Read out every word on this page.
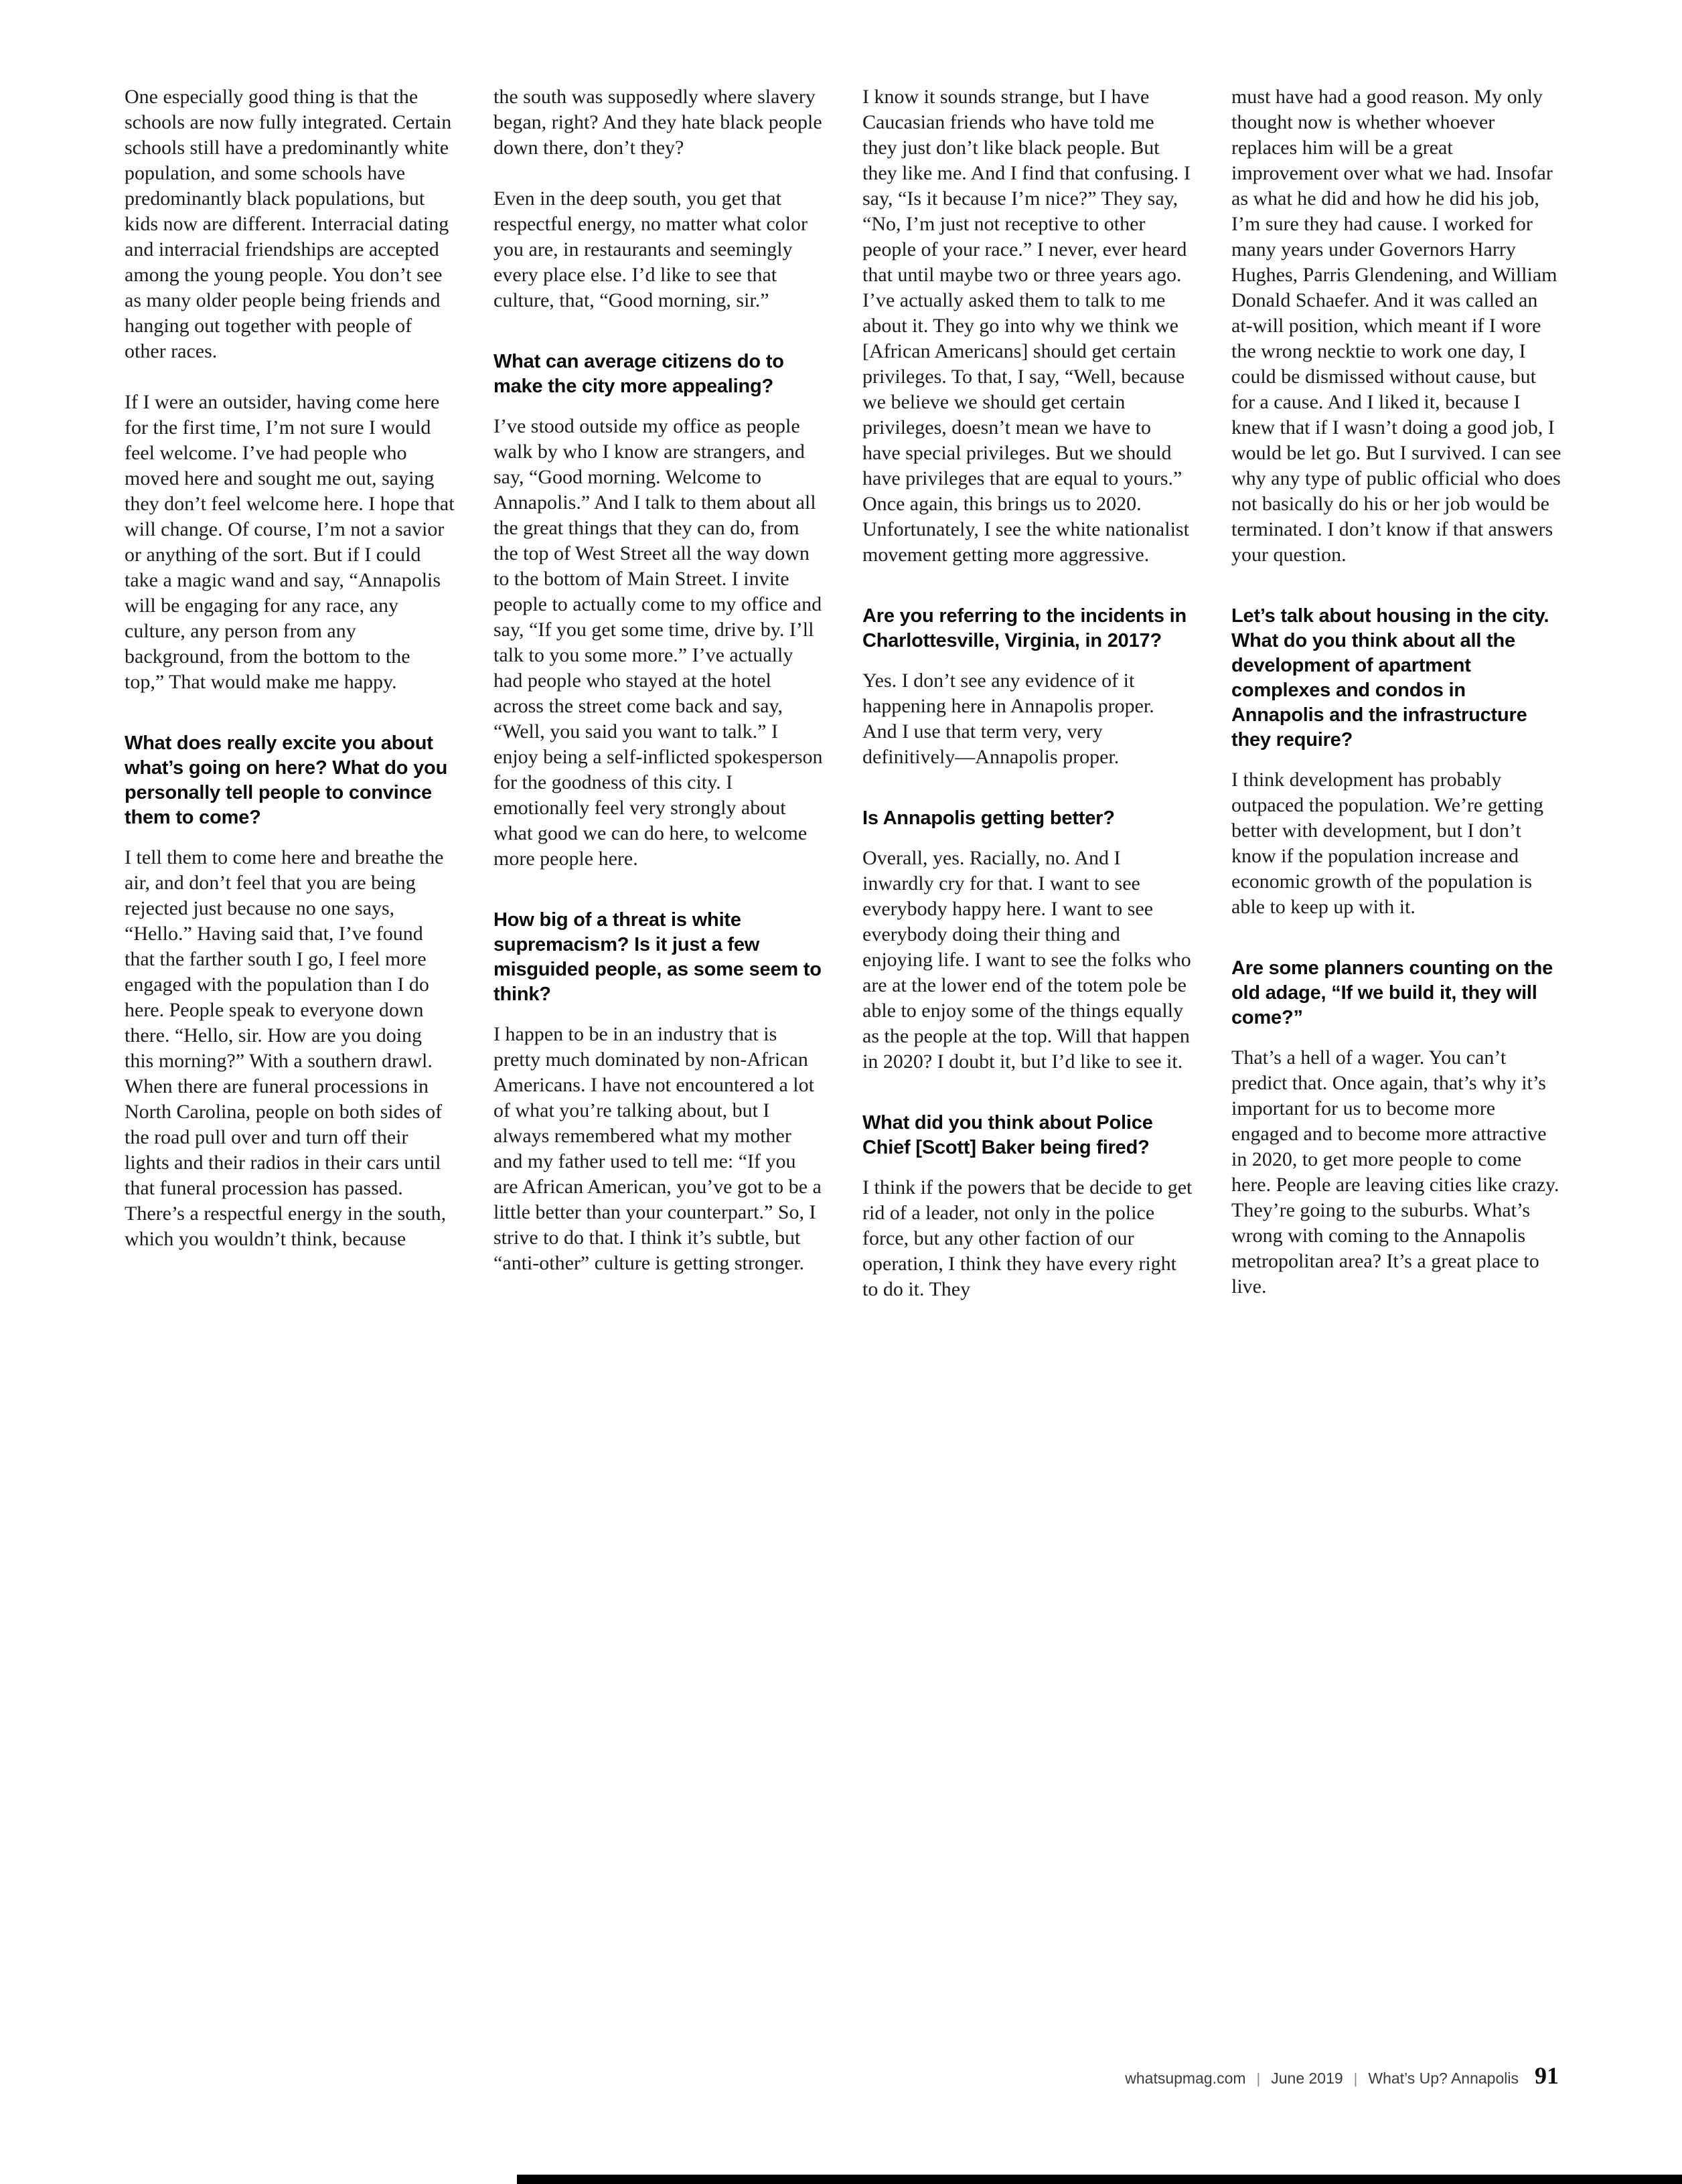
One especially good thing is that the schools are now fully integrated. Certain schools still have a predominantly white population, and some schools have predominantly black populations, but kids now are different. Interracial dating and interracial friendships are accepted among the young people. You don’t see as many older people being friends and hanging out together with people of other races.

If I were an outsider, having come here for the first time, I’m not sure I would feel welcome. I’ve had people who moved here and sought me out, saying they don’t feel welcome here. I hope that will change. Of course, I’m not a savior or anything of the sort. But if I could take a magic wand and say, “Annapolis will be engaging for any race, any culture, any person from any background, from the bottom to the top,” That would make me happy.

What does really excite you about what’s going on here? What do you personally tell people to convince them to come?

I tell them to come here and breathe the air, and don’t feel that you are being rejected just because no one says, “Hello.” Having said that, I’ve found that the farther south I go, I feel more engaged with the population than I do here. People speak to everyone down there. “Hello, sir. How are you doing this morning?” With a southern drawl. When there are funeral processions in North Carolina, people on both sides of the road pull over and turn off their lights and their radios in their cars until that funeral procession has passed. There’s a respectful energy in the south, which you wouldn’t think, because

the south was supposedly where slavery began, right? And they hate black people down there, don’t they?

Even in the deep south, you get that respectful energy, no matter what color you are, in restaurants and seemingly every place else. I’d like to see that culture, that, “Good morning, sir.”

What can average citizens do to make the city more appealing?

I’ve stood outside my office as people walk by who I know are strangers, and say, “Good morning. Welcome to Annapolis.” And I talk to them about all the great things that they can do, from the top of West Street all the way down to the bottom of Main Street. I invite people to actually come to my office and say, “If you get some time, drive by. I’ll talk to you some more.” I’ve actually had people who stayed at the hotel across the street come back and say, “Well, you said you want to talk.” I enjoy being a self-inflicted spokesperson for the goodness of this city. I emotionally feel very strongly about what good we can do here, to welcome more people here.

How big of a threat is white supremacism? Is it just a few misguided people, as some seem to think?

I happen to be in an industry that is pretty much dominated by non-African Americans. I have not encountered a lot of what you’re talking about, but I always remembered what my mother and my father used to tell me: “If you are African American, you’ve got to be a little better than your counterpart.” So, I strive to do that. I think it’s subtle, but “anti-other” culture is getting stronger.

I know it sounds strange, but I have Caucasian friends who have told me they just don’t like black people. But they like me. And I find that confusing. I say, “Is it because I’m nice?” They say, “No, I’m just not receptive to other people of your race.” I never, ever heard that until maybe two or three years ago. I’ve actually asked them to talk to me about it. They go into why we think we [African Americans] should get certain privileges. To that, I say, “Well, because we believe we should get certain privileges, doesn’t mean we have to have special privileges. But we should have privileges that are equal to yours.” Once again, this brings us to 2020. Unfortunately, I see the white nationalist movement getting more aggressive.

Are you referring to the incidents in Charlottesville, Virginia, in 2017?

Yes. I don’t see any evidence of it happening here in Annapolis proper. And I use that term very, very definitively—Annapolis proper.

Is Annapolis getting better?

Overall, yes. Racially, no. And I inwardly cry for that. I want to see everybody happy here. I want to see everybody doing their thing and enjoying life. I want to see the folks who are at the lower end of the totem pole be able to enjoy some of the things equally as the people at the top. Will that happen in 2020? I doubt it, but I’d like to see it.

What did you think about Police Chief [Scott] Baker being fired?

I think if the powers that be decide to get rid of a leader, not only in the police force, but any other faction of our operation, I think they have every right to do it. They

must have had a good reason. My only thought now is whether whoever replaces him will be a great improvement over what we had. Insofar as what he did and how he did his job, I’m sure they had cause. I worked for many years under Governors Harry Hughes, Parris Glendening, and William Donald Schaefer. And it was called an at-will position, which meant if I wore the wrong necktie to work one day, I could be dismissed without cause, but for a cause. And I liked it, because I knew that if I wasn’t doing a good job, I would be let go. But I survived. I can see why any type of public official who does not basically do his or her job would be terminated. I don’t know if that answers your question.

Let’s talk about housing in the city. What do you think about all the development of apartment complexes and condos in Annapolis and the infrastructure they require?

I think development has probably outpaced the population. We’re getting better with development, but I don’t know if the population increase and economic growth of the population is able to keep up with it.

Are some planners counting on the old adage, “If we build it, they will come?”

That’s a hell of a wager. You can’t predict that. Once again, that’s why it’s important for us to become more engaged and to become more attractive in 2020, to get more people to come here. People are leaving cities like crazy. They’re going to the suburbs. What’s wrong with coming to the Annapolis metropolitan area? It’s a great place to live.

whatsupmag.com | June 2019 | What’s Up? Annapolis 91
